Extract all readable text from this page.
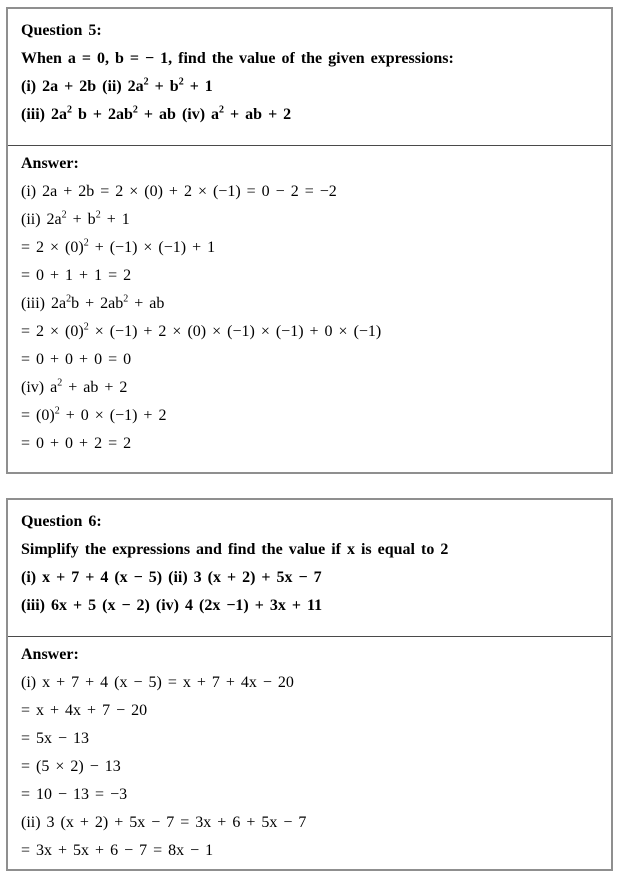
Question 5:

When a = 0, b = − 1, find the value of the given expressions:

(i) 2a + 2b (ii) $2a^2 + b^2 + 1$

(iii) $2a^2$ $b + 2ab^2$ + ab (iv) $a^2$ + ab + 2

Answer:

(i) 2a + 2b = 2 × (0) + 2 × (−1) = 0 − 2 = −2

(ii) $2a^2 + b^2 + 1$

= $2 \times (0)^2 + (-1) \times (-1) + 1$

= 0 + 1 + 1 = 2

(iii) $2a^2b + 2ab^2$ + ab

= $2 \times (0)^2 \times (-1) + 2 \times (0) \times (-1) \times (-1) + 0 \times (-1)$

= 0 + 0 + 0 = 0

(iv) $a^2$ + ab + 2

= $(0)^2 + 0 \times (-1) + 2$

= 0 + 0 + 2 = 2

Question 6:

Simplify the expressions and find the value if x is equal to 2

(i) x + 7 + 4 (x − 5) (ii) 3 (x + 2) + 5x − 7

(iii) 6x + 5 (x − 2) (iv) 4 (2x −1) + 3x + 11

Answer:

(i) x + 7 + 4 (x − 5) = x + 7 + 4x − 20

= x + 4x + 7 − 20

= 5x − 13

= (5 × 2) − 13

= 10 − 13 = −3

(ii) 3 (x + 2) + 5x − 7 = 3x + 6 + 5x − 7

= 3x + 5x + 6 − 7 = 8x − 1
